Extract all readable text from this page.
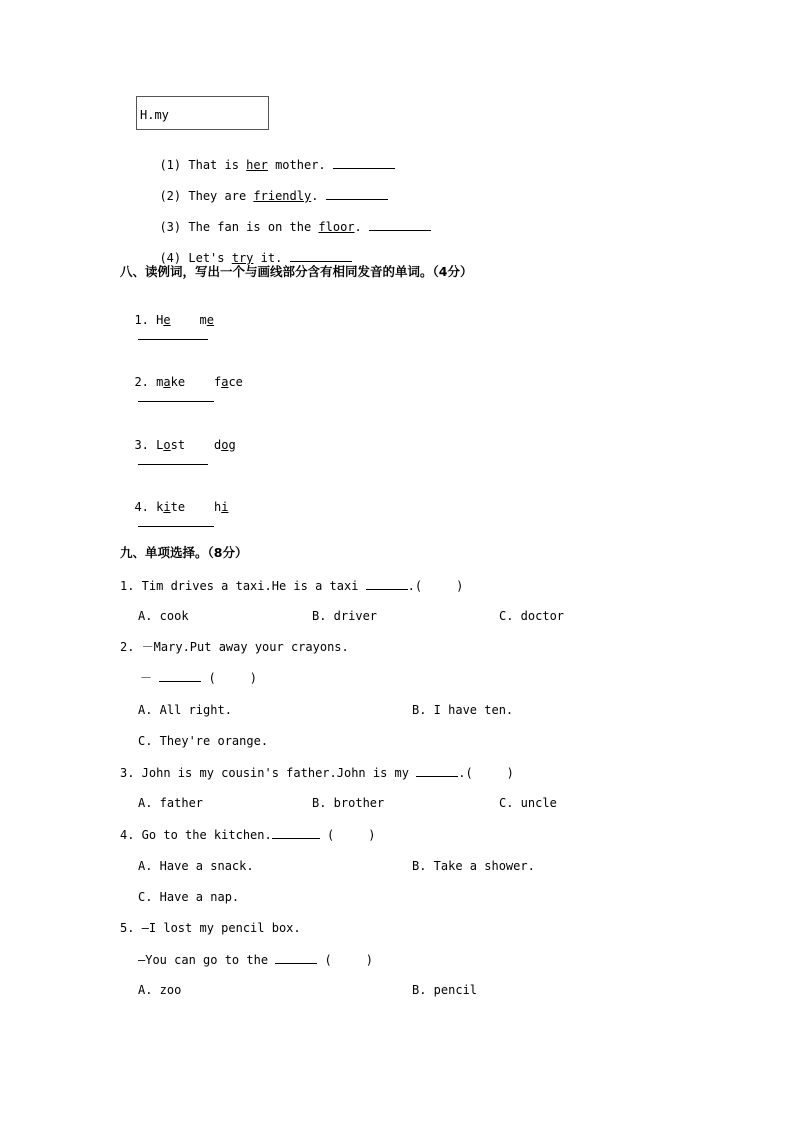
H.my

(1) That is her mother.

(2) They are friendly.

(3) The fan is on the floor.

(4) Let's try it.

八、读例词，写出一个与画线部分含有相同发音的单词。（4分）

1. He me

2. make face

3. Lost dog

4. kite hi

九、单项选择。（8分）
1. Tim drives a taxi.He is a taxi	.(	)
A. cook	B. driver	C. doctor
2. －Mary.Put away your crayons.
－	(	)
A. All right.	B. I have ten.
C. They're orange.
3. John is my cousin's father.John is my	.(	)
A. father	B. brother	C. uncle
4. Go to the kitchen.	(	)
A. Have a snack.	B. Take a shower.
C. Have a nap.
5. —I lost my pencil box.
—You can go to the	(	)
A. zoo	B. pencil
